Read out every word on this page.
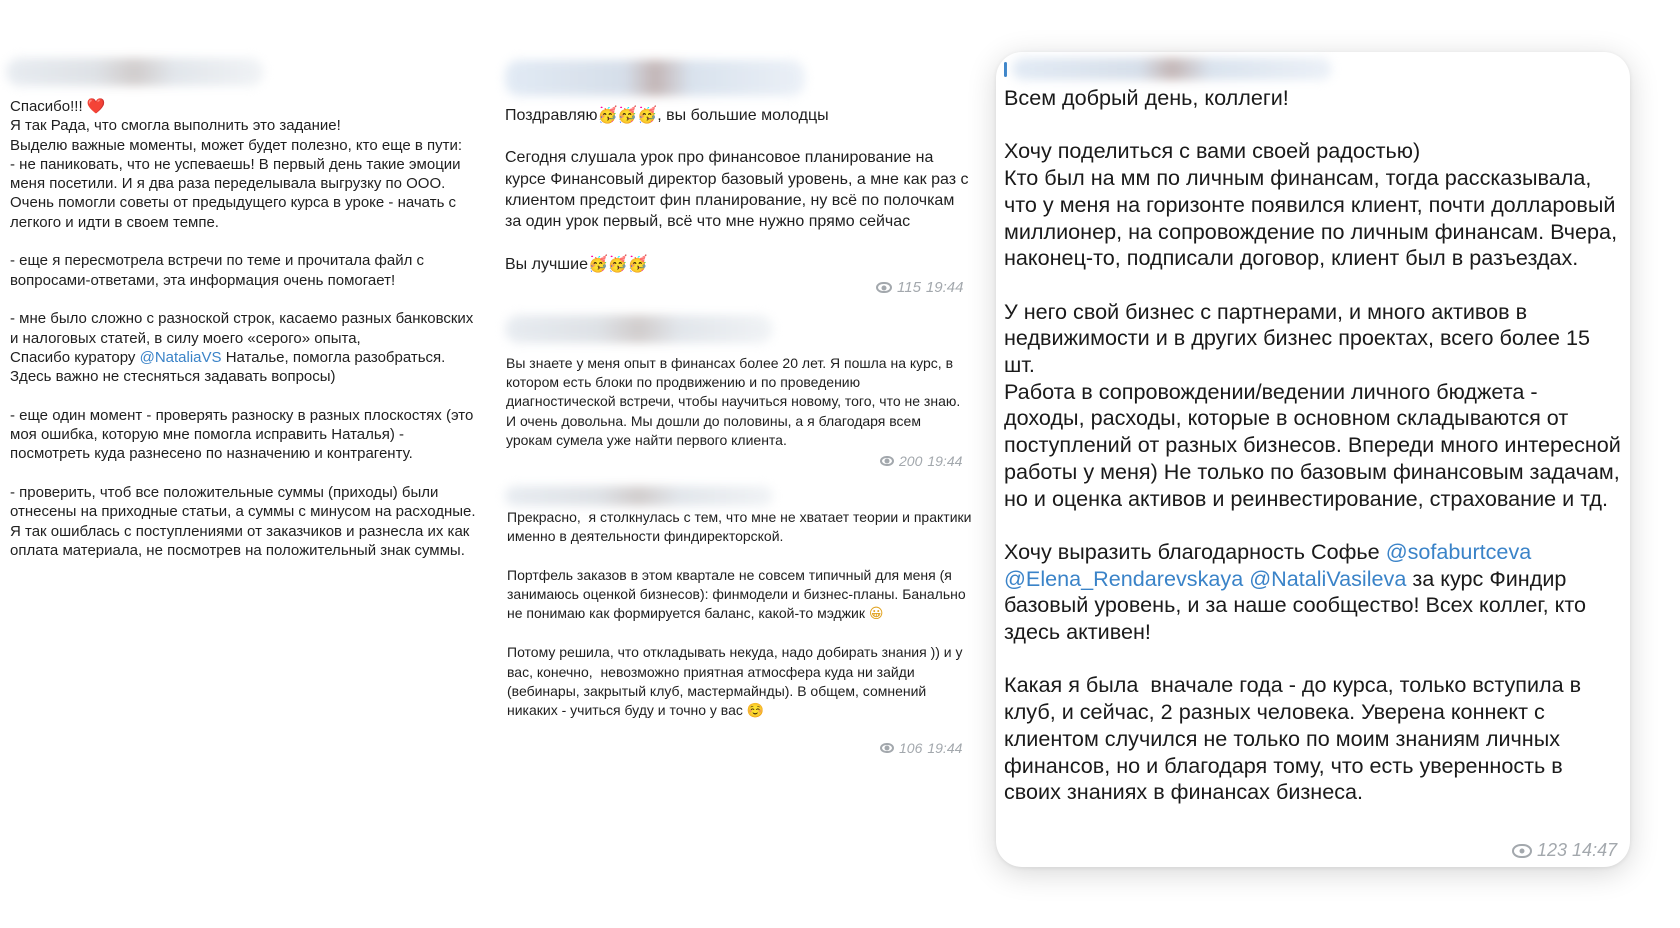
Спасибо!!! ❤️
Я так Рада, что смогла выполнить это задание!
Выделю важные моменты, может будет полезно, кто еще в пути:
- не паниковать, что не успеваешь! В первый день такие эмоции меня посетили. И я два раза переделывала выгрузку по ООО. Очень помогли советы от предыдущего курса в уроке - начать с легкого и идти в своем темпе.

- еще я пересмотрела встречи по теме и прочитала файл с вопросами-ответами, эта информация очень помогает!

- мне было сложно с разноской строк, касаемо разных банковских и налоговых статей, в силу моего «серого» опыта,
Спасибо куратору @NataliaVS Наталье, помогла разобраться. Здесь важно не стесняться задавать вопросы)

- еще один момент - проверять разноску в разных плоскостях (это моя ошибка, которую мне помогла исправить Наталья) - посмотреть куда разнесено по назначению и контрагенту.

- проверить, чтоб все положительные суммы (приходы) были отнесены на приходные статьи, а суммы с минусом на расходные.
Я так ошиблась с поступлениями от заказчиков и разнесла их как оплата материала, не посмотрев на положительный знак суммы.
Поздравляю🥳🥳🥳, вы большие молодцы

Сегодня слушала урок про финансовое планирование на курсе Финансовый директор базовый уровень, а мне как раз с клиентом предстоит фин планирование, ну всё по полочкам за один урок первый, всё что мне нужно прямо сейчас

Вы лучшие🥳🥳🥳
115 19:44
Вы знаете у меня опыт в финансах более 20 лет. Я пошла на курс, в котором есть блоки по продвижению и по проведению диагностической встречи, чтобы научиться новому, того, что не знаю. И очень довольна. Мы дошли до половины, а я благодаря всем урокам сумела уже найти первого клиента.
200 19:44
Прекрасно,  я столкнулась с тем, что мне не хватает теории и практики именно в деятельности финдиректорской.

Портфель заказов в этом квартале не совсем типичный для меня (я занимаюсь оценкой бизнесов): финмодели и бизнес-планы. Банально не понимаю как формируется баланс, какой-то мэджик 😀

Потому решила, что откладывать некуда, надо добирать знания )) и у вас, конечно,  невозможно приятная атмосфера куда ни зайди (вебинары, закрытый клуб, мастермайнды). В общем, сомнений никаких - учиться буду и точно у вас ☺️
106 19:44
Всем добрый день, коллеги!

Хочу поделиться с вами своей радостью)
Кто был на мм по личным финансам, тогда рассказывала, что у меня на горизонте появился клиент, почти долларовый миллионер, на сопровождение по личным финансам. Вчера, наконец-то, подписали договор, клиент был в разъездах.

У него свой бизнес с партнерами, и много активов в недвижимости и в других бизнес проектах, всего более 15 шт.
Работа в сопровождении/ведении личного бюджета - доходы, расходы, которые в основном складываются от поступлений от разных бизнесов. Впереди много интересной работы у меня) Не только по базовым финансовым задачам, но и оценка активов и реинвестирование, страхование и тд.

Хочу выразить благодарность Софье @sofaburtceva
@Elena_Rendarevskaya @NataliVasileva за курс Финдир базовый уровень, и за наше сообщество! Всех коллег, кто здесь активен!

Какая я была  вначале года - до курса, только вступила в клуб, и сейчас, 2 разных человека. Уверена коннект с клиентом случился не только по моим знаниям личных финансов, но и благодаря тому, что есть уверенность в своих знаниях в финансах бизнеса.
123 14:47
